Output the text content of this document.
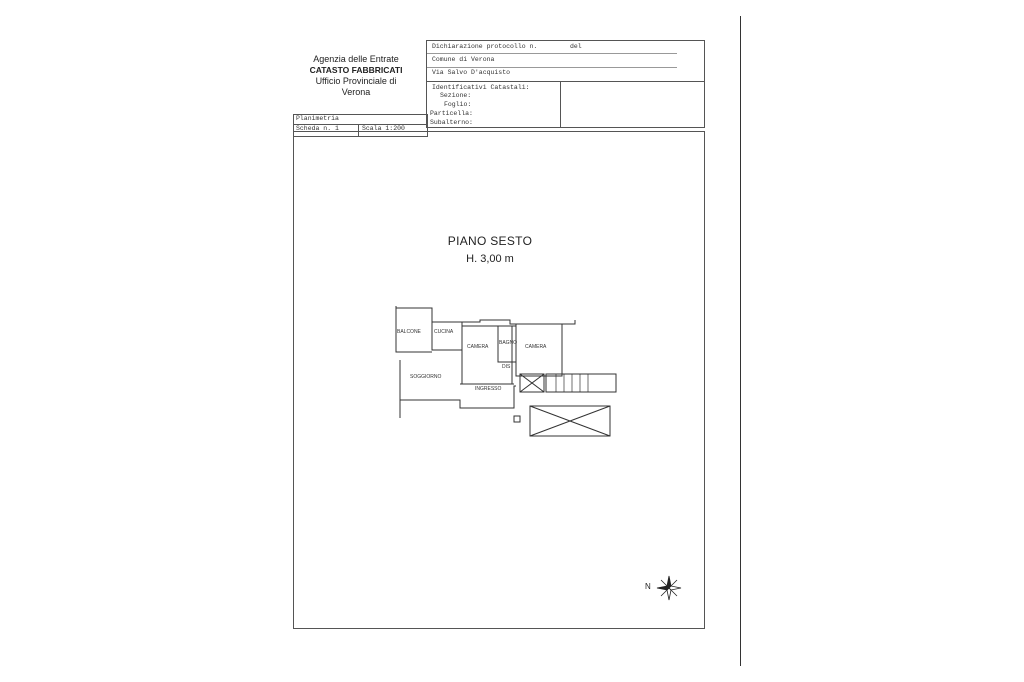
Agenzia delle Entrate
CATASTO FABBRICATI
Ufficio Provinciale di
Verona
Dichiarazione protocollo n.	del
Comune di Verona
Via Salvo D'acquisto
Identificativi Catastali:
Sezione:
Foglio:
Particella:
Subalterno:
Planimetria
Scheda n. 1	Scala 1:200
PIANO SESTO
H. 3,00 m
BALCONE	CUCINA
CAMERA
BAGNO
CAMERA
DIS
SOGGIORNO
INGRESSO
N
